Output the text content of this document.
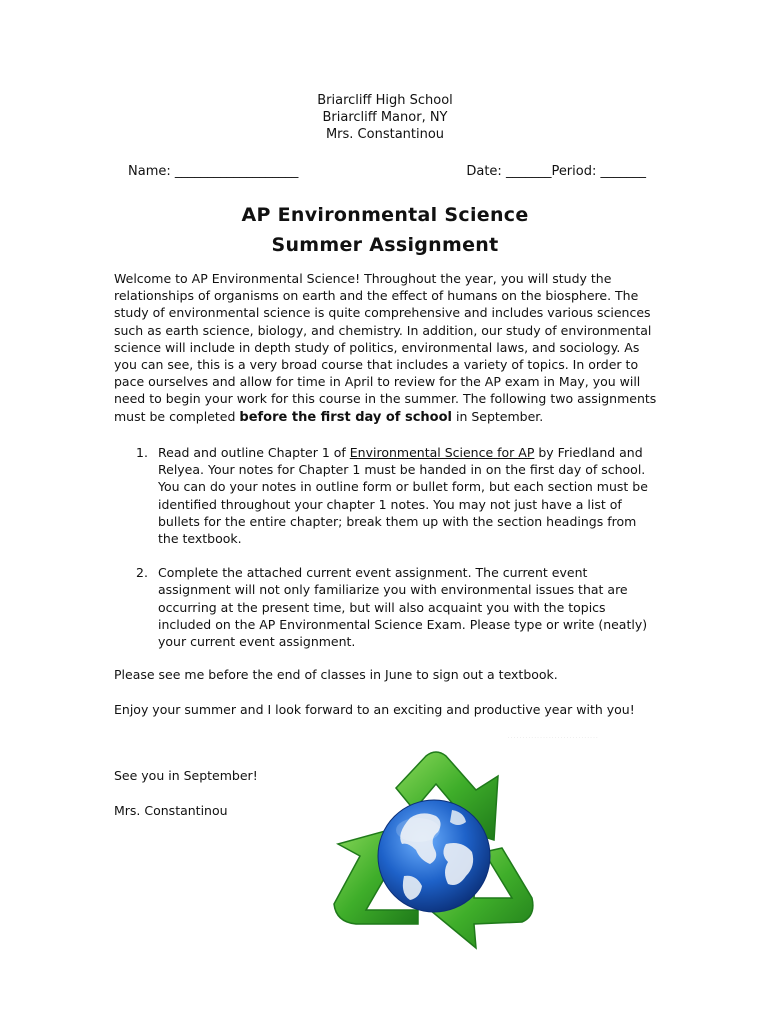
Briarcliff High School
Briarcliff Manor, NY
Mrs. Constantinou
Name: ___________________	Date: _______Period: _______
AP Environmental Science
Summer Assignment
Welcome to AP Environmental Science! Throughout the year, you will study the relationships of organisms on earth and the effect of humans on the biosphere. The study of environmental science is quite comprehensive and includes various sciences such as earth science, biology, and chemistry. In addition, our study of environmental science will include in depth study of politics, environmental laws, and sociology. As you can see, this is a very broad course that includes a variety of topics. In order to pace ourselves and allow for time in April to review for the AP exam in May, you will need to begin your work for this course in the summer. The following two assignments must be completed before the first day of school in September.
1. Read and outline Chapter 1 of Environmental Science for AP by Friedland and Relyea. Your notes for Chapter 1 must be handed in on the first day of school. You can do your notes in outline form or bullet form, but each section must be identified throughout your chapter 1 notes. You may not just have a list of bullets for the entire chapter; break them up with the section headings from the textbook.
2. Complete the attached current event assignment. The current event assignment will not only familiarize you with environmental issues that are occurring at the present time, but will also acquaint you with the topics included on the AP Environmental Science Exam. Please type or write (neatly) your current event assignment.
Please see me before the end of classes in June to sign out a textbook.
Enjoy your summer and I look forward to an exciting and productive year with you!
· · · · · · · · · · · · · · · · · · · · · · · · · · · · · · ·
See you in September!
Mrs. Constantinou
